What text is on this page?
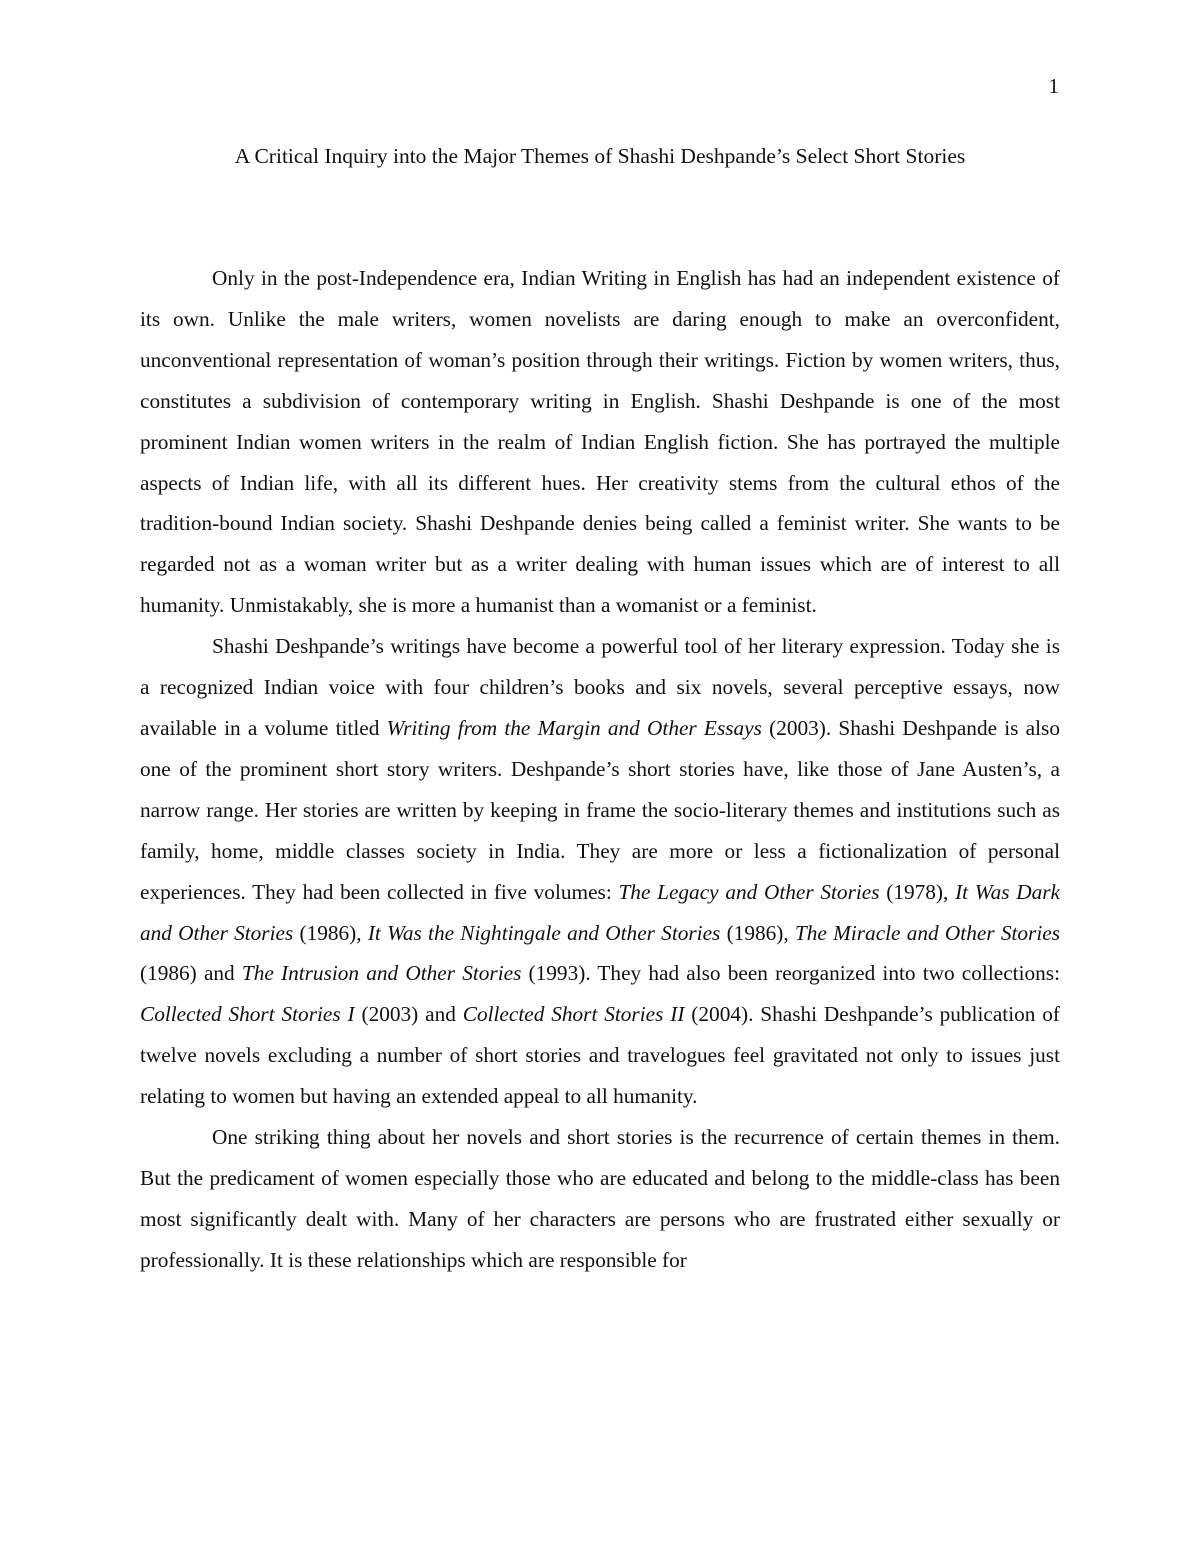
1
A Critical Inquiry into the Major Themes of Shashi Deshpande’s Select Short Stories

Only in the post-Independence era, Indian Writing in English has had an independent existence of its own. Unlike the male writers, women novelists are daring enough to make an overconfident, unconventional representation of woman’s position through their writings. Fiction by women writers, thus, constitutes a subdivision of contemporary writing in English. Shashi Deshpande is one of the most prominent Indian women writers in the realm of Indian English fiction. She has portrayed the multiple aspects of Indian life, with all its different hues. Her creativity stems from the cultural ethos of the tradition-bound Indian society. Shashi Deshpande denies being called a feminist writer. She wants to be regarded not as a woman writer but as a writer dealing with human issues which are of interest to all humanity. Unmistakably, she is more a humanist than a womanist or a feminist.

Shashi Deshpande’s writings have become a powerful tool of her literary expression. Today she is a recognized Indian voice with four children’s books and six novels, several perceptive essays, now available in a volume titled Writing from the Margin and Other Essays (2003). Shashi Deshpande is also one of the prominent short story writers. Deshpande’s short stories have, like those of Jane Austen’s, a narrow range. Her stories are written by keeping in frame the socio-literary themes and institutions such as family, home, middle classes society in India. They are more or less a fictionalization of personal experiences. They had been collected in five volumes: The Legacy and Other Stories (1978), It Was Dark and Other Stories (1986), It Was the Nightingale and Other Stories (1986), The Miracle and Other Stories (1986) and The Intrusion and Other Stories (1993). They had also been reorganized into two collections: Collected Short Stories I (2003) and Collected Short Stories II (2004). Shashi Deshpande’s publication of twelve novels excluding a number of short stories and travelogues feel gravitated not only to issues just relating to women but having an extended appeal to all humanity.

One striking thing about her novels and short stories is the recurrence of certain themes in them. But the predicament of women especially those who are educated and belong to the middle-class has been most significantly dealt with. Many of her characters are persons who are frustrated either sexually or professionally. It is these relationships which are responsible for
